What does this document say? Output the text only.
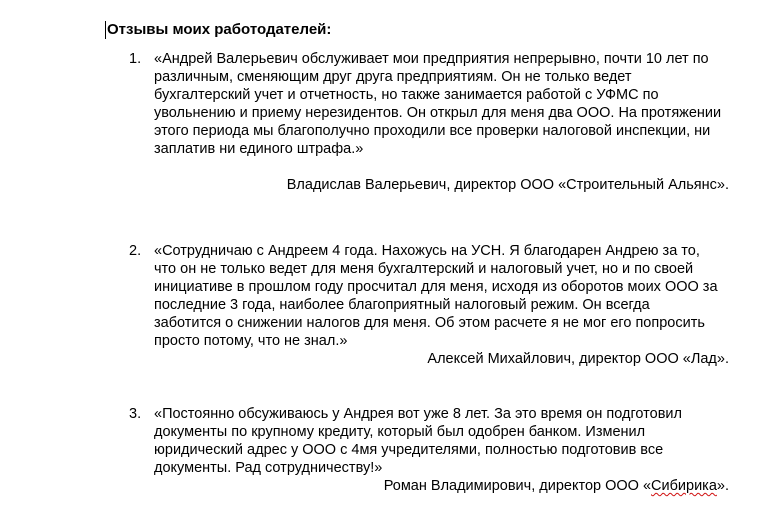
Отзывы моих работодателей:
1. «Андрей Валерьевич обслуживает мои предприятия непрерывно, почти 10 лет по
различным, сменяющим друг друга предприятиям. Он не только ведет
бухгалтерский учет и отчетность, но также занимается работой с УФМС по
увольнению и приему нерезидентов. Он открыл для меня два ООО. На протяжении
этого периода мы благополучно проходили все проверки налоговой инспекции, ни
заплатив ни единого штрафа.»
Владислав Валерьевич, директор ООО «Строительный Альянс».
2. «Сотрудничаю с Андреем 4 года. Нахожусь на УСН. Я благодарен Андрею за то,
что он не только ведет для меня бухгалтерский и налоговый учет, но и по своей
инициативе в прошлом году просчитал для меня, исходя из оборотов моих ООО за
последние 3 года, наиболее благоприятный налоговый режим. Он всегда
заботится о снижении налогов для меня. Об этом расчете я не мог его попросить
просто потому, что не знал.»
Алексей Михайлович, директор ООО «Лад».
3. «Постоянно обсуживаюсь у Андрея вот уже 8 лет. За это время он подготовил
документы по крупному кредиту, который был одобрен банком. Изменил
юридический адрес у ООО с 4мя учредителями, полностью подготовив все
документы. Рад сотрудничеству!»
Роман Владимирович, директор ООО «Сибирика».
